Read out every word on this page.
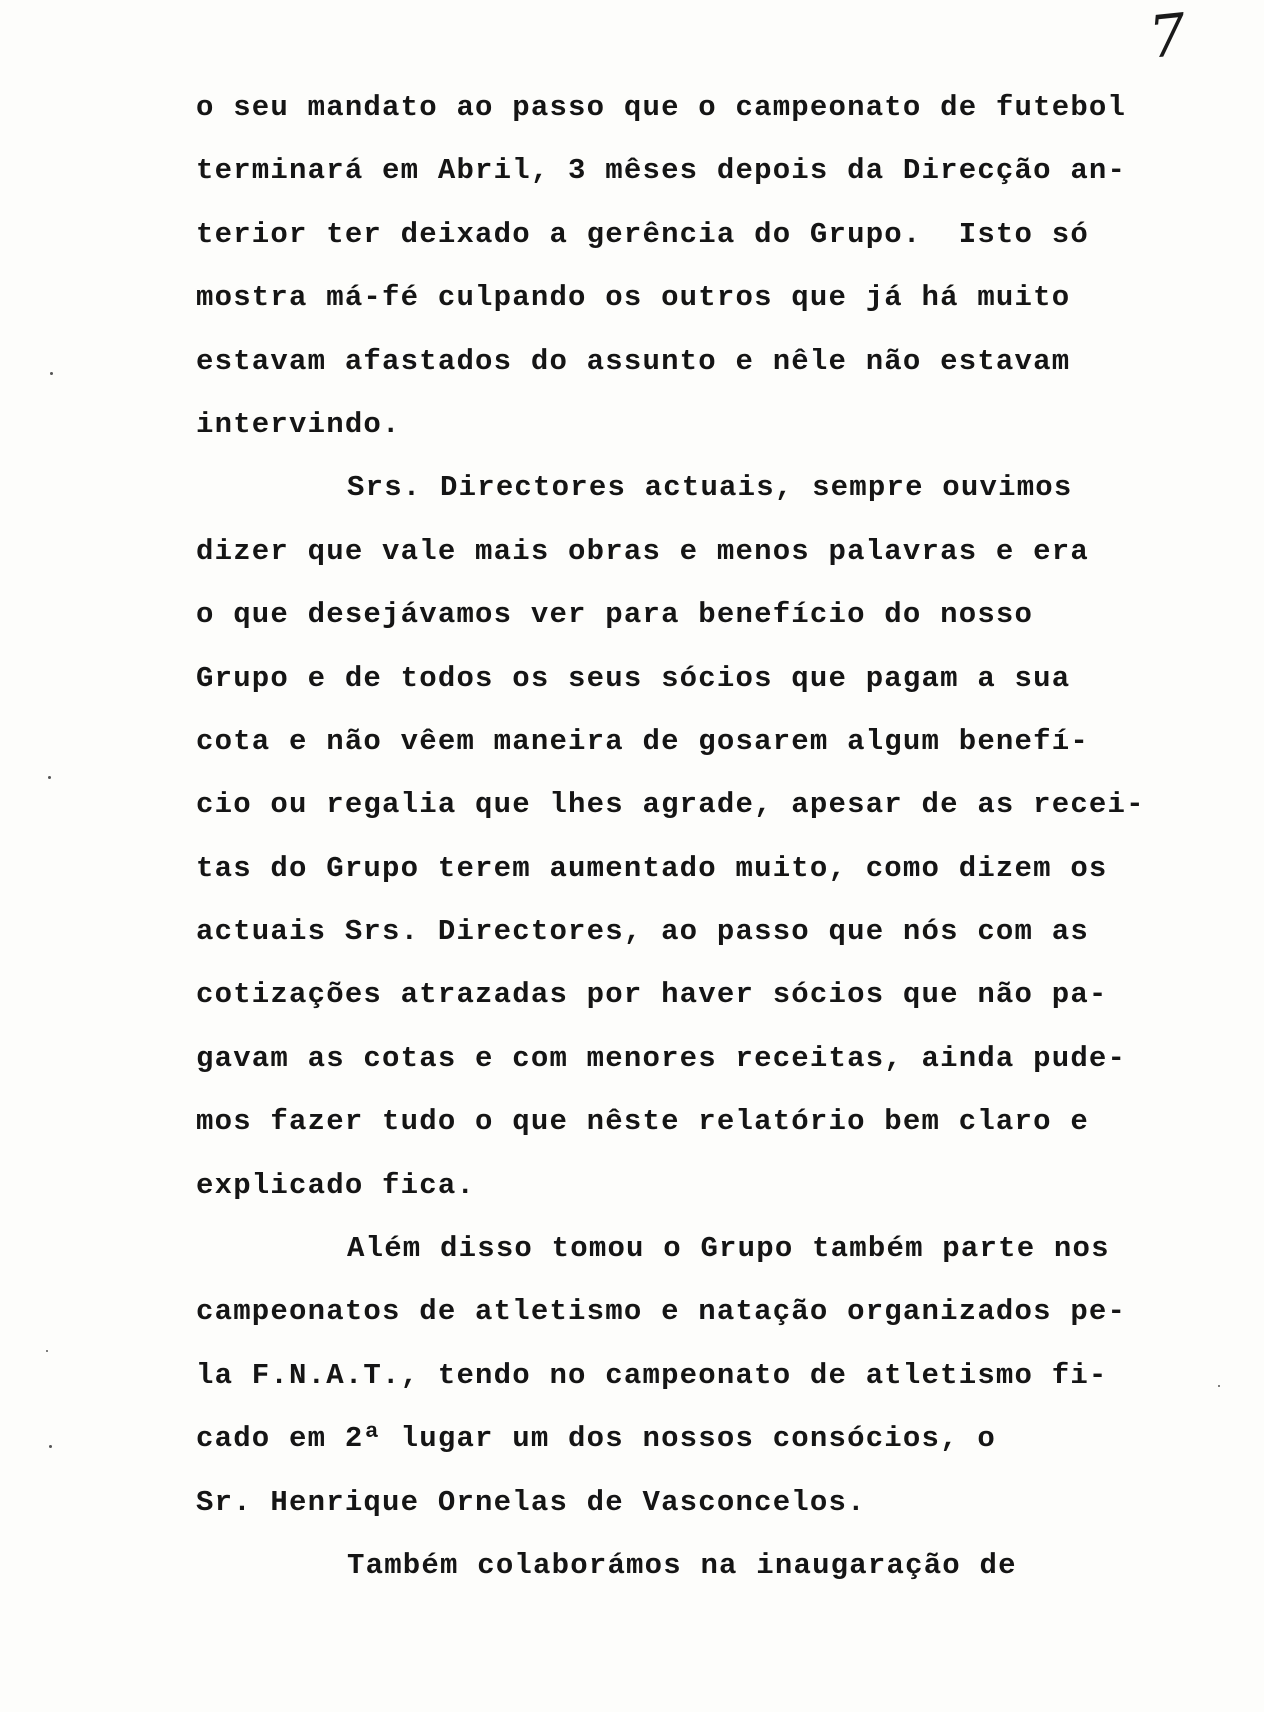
7
o seu mandato ao passo que o campeonato de futebol
terminará em Abril, 3 mêses depois da Direcção an-
terior ter deixado a gerência do Grupo.  Isto só
mostra má-fé culpando os outros que já há muito
estavam afastados do assunto e nêle não estavam
intervindo.
Srs. Directores actuais, sempre ouvimos
dizer que vale mais obras e menos palavras e era
o que desejávamos ver para benefício do nosso
Grupo e de todos os seus sócios que pagam a sua
cota e não vêem maneira de gosarem algum benefí-
cio ou regalia que lhes agrade, apesar de as recei-
tas do Grupo terem aumentado muito, como dizem os
actuais Srs. Directores, ao passo que nós com as
cotizações atrazadas por haver sócios que não pa-
gavam as cotas e com menores receitas, ainda pude-
mos fazer tudo o que nêste relatório bem claro e
explicado fica.
Além disso tomou o Grupo também parte nos
campeonatos de atletismo e natação organizados pe-
la F.N.A.T., tendo no campeonato de atletismo fi-
cado em 2ª lugar um dos nossos consócios, o
Sr. Henrique Ornelas de Vasconcelos.
Também colaborámos na inaugaração de
